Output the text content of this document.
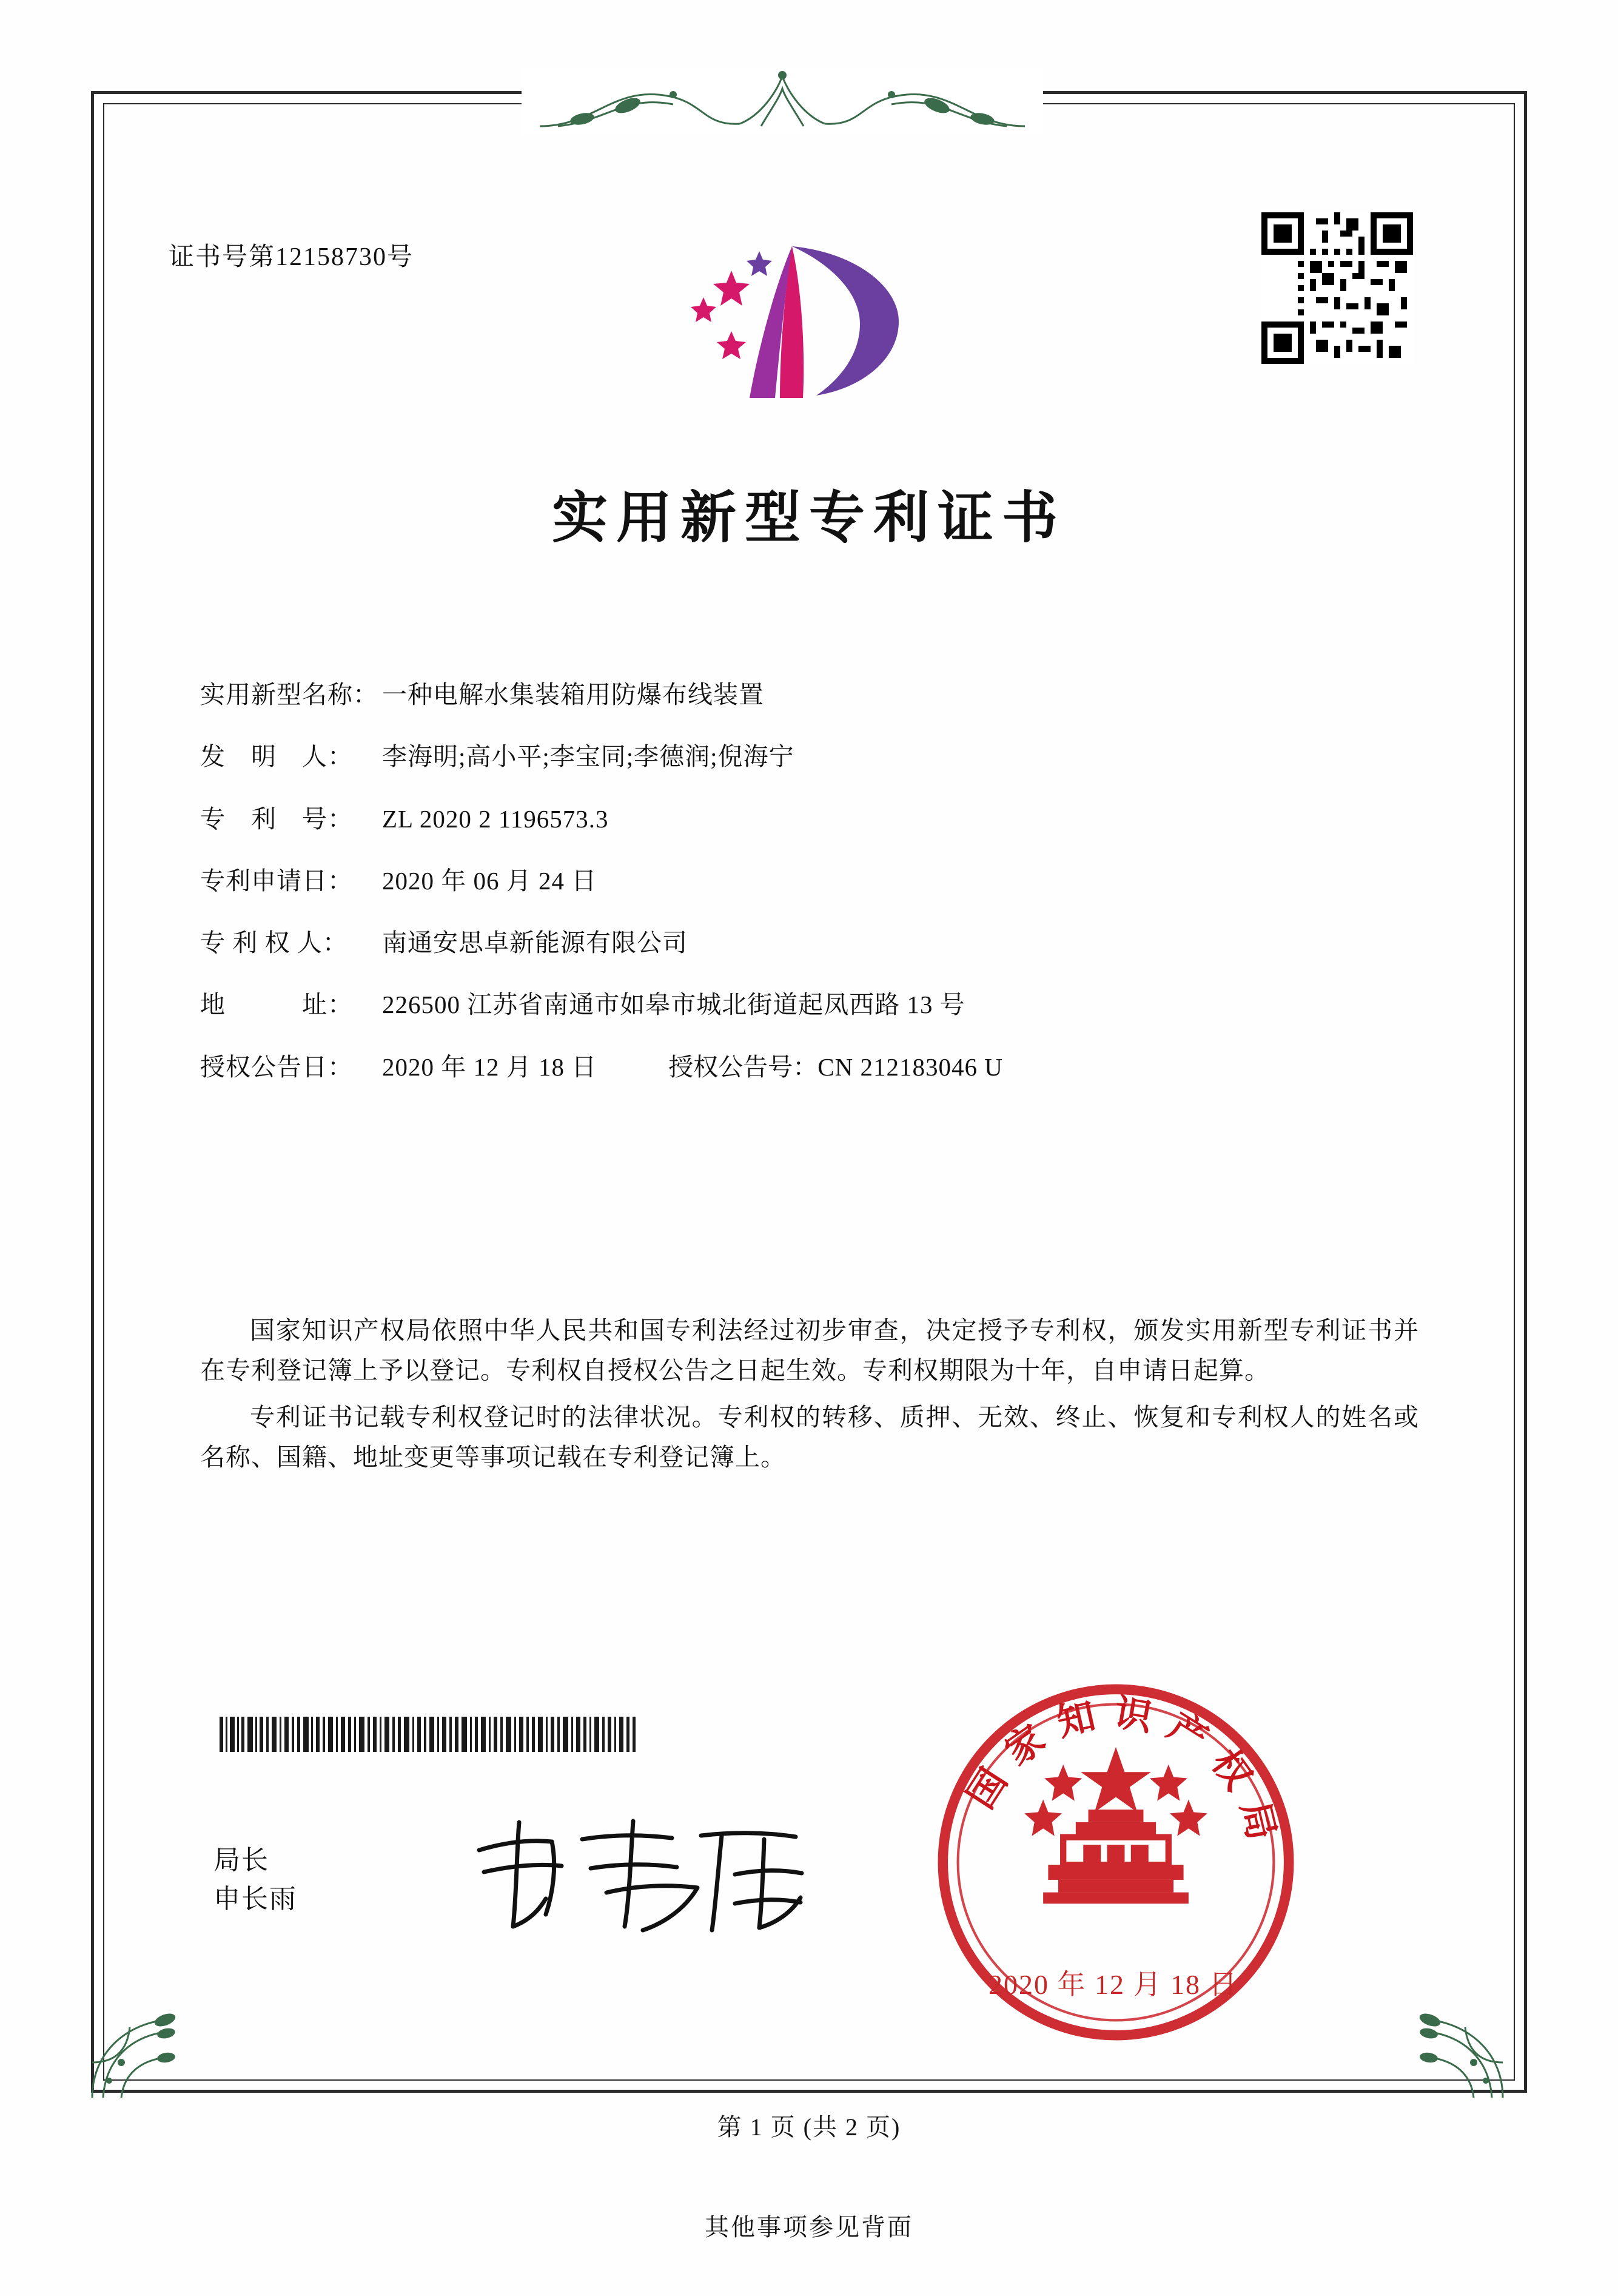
证书号第12158730号
实用新型专利证书
实用新型名称： 一种电解水集装箱用防爆布线装置
发　明　人：	李海明;高小平;李宝同;李德润;倪海宁
专　利　号：	ZL 2020 2 1196573.3
专利申请日：	2020 年 06 月 24 日
专 利 权 人：	南通安思卓新能源有限公司
地　　　址：	226500 江苏省南通市如皋市城北街道起凤西路 13 号
授权公告日：	2020 年 12 月 18 日	授权公告号： CN 212183046 U

国家知识产权局依照中华人民共和国专利法经过初步审查，决定授予专利权，颁发实用新型专利证书并在专利登记簿上予以登记。专利权自授权公告之日起生效。专利权期限为十年，自申请日起算。

专利证书记载专利权登记时的法律状况。专利权的转移、质押、无效、终止、恢复和专利权人的姓名或名称、国籍、地址变更等事项记载在专利登记簿上。

局长
申长雨
国家知识产权局
2020 年 12 月 18 日
第 1 页 (共 2 页)
其他事项参见背面
